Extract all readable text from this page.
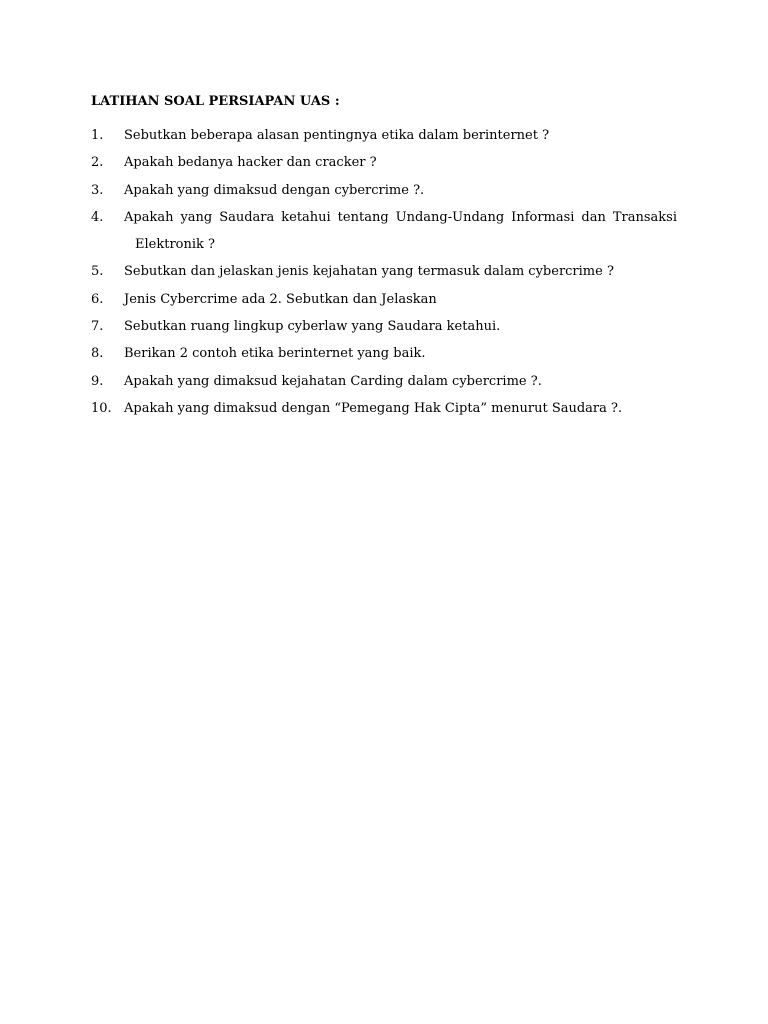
LATIHAN SOAL PERSIAPAN UAS :
1. Sebutkan beberapa alasan pentingnya etika dalam berinternet ?
2. Apakah bedanya hacker dan cracker ?
3. Apakah yang dimaksud dengan cybercrime ?.
4. Apakah yang Saudara ketahui tentang Undang-Undang Informasi dan Transaksi
Elektronik ?
5. Sebutkan dan jelaskan jenis kejahatan yang termasuk dalam cybercrime ?
6. Jenis Cybercrime ada 2. Sebutkan dan Jelaskan
7. Sebutkan ruang lingkup cyberlaw yang Saudara ketahui.
8. Berikan 2 contoh etika berinternet yang baik.
9. Apakah yang dimaksud kejahatan Carding dalam cybercrime ?.
10. Apakah yang dimaksud dengan “Pemegang Hak Cipta” menurut Saudara ?.
